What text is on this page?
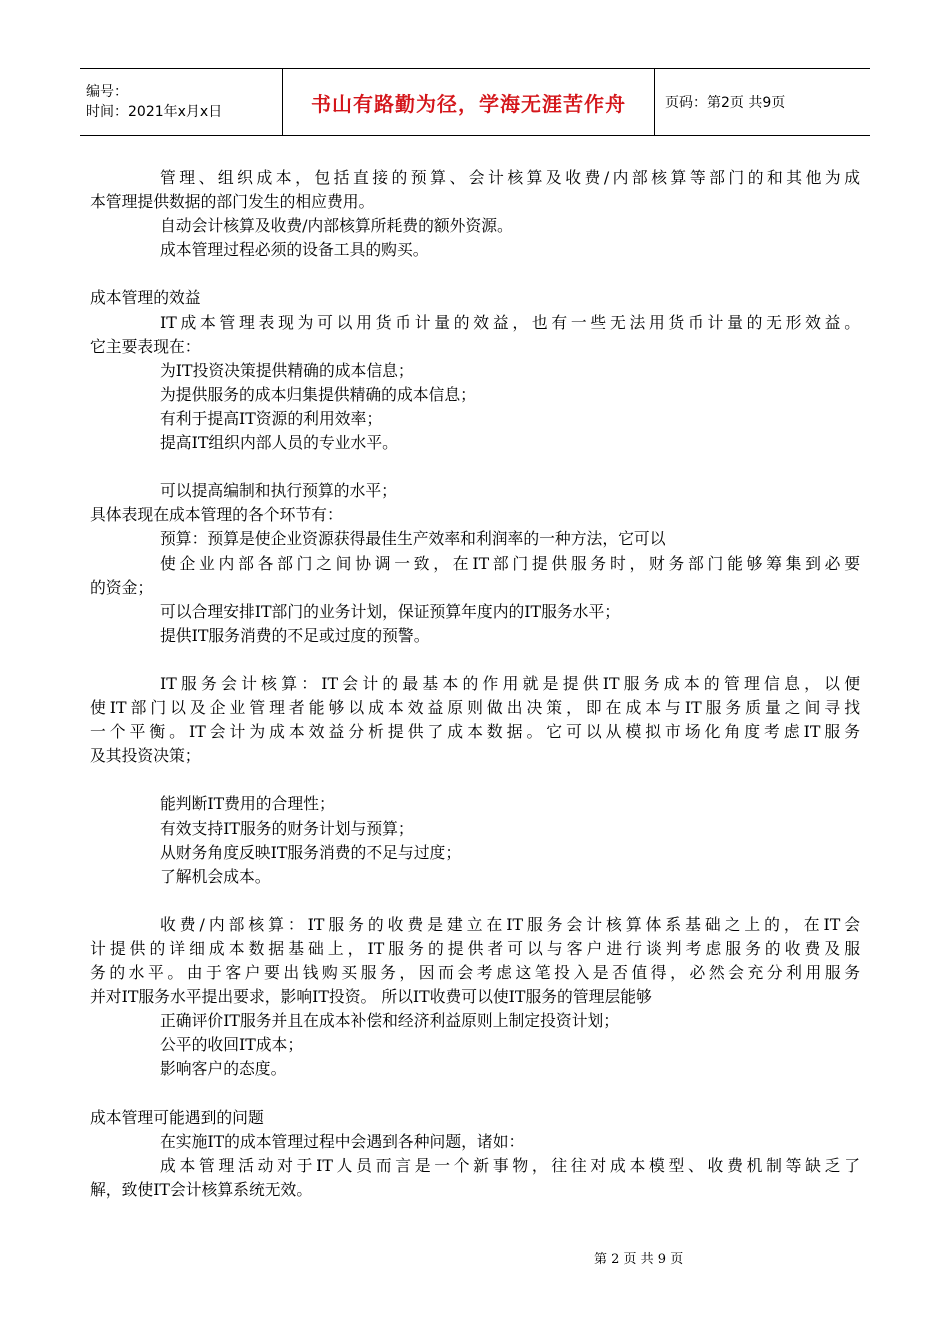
编号：
时间：2021年x月x日	书山有路勤为径，学海无涯苦作舟	页码：第2页 共9页
管理、组织成本，包括直接的预算、会计核算及收费/内部核算等部门的和其他为成
本管理提供数据的部门发生的相应费用。
自动会计核算及收费/内部核算所耗费的额外资源。
成本管理过程必须的设备工具的购买。
成本管理的效益
IT成本管理表现为可以用货币计量的效益，也有一些无法用货币计量的无形效益。
它主要表现在：
为IT投资决策提供精确的成本信息；
为提供服务的成本归集提供精确的成本信息；
有利于提高IT资源的利用效率；
提高IT组织内部人员的专业水平。
可以提高编制和执行预算的水平；
具体表现在成本管理的各个环节有：
预算：预算是使企业资源获得最佳生产效率和利润率的一种方法，它可以
使企业内部各部门之间协调一致，在IT部门提供服务时，财务部门能够筹集到必要
的资金；
可以合理安排IT部门的业务计划，保证预算年度内的IT服务水平；
提供IT服务消费的不足或过度的预警。
IT服务会计核算：IT会计的最基本的作用就是提供IT服务成本的管理信息，以便
使IT部门以及企业管理者能够以成本效益原则做出决策，即在成本与IT服务质量之间寻找
一个平衡。IT会计为成本效益分析提供了成本数据。它可以从模拟市场化角度考虑IT服务
及其投资决策；
能判断IT费用的合理性；
有效支持IT服务的财务计划与预算；
从财务角度反映IT服务消费的不足与过度；
了解机会成本。
收费/内部核算：IT服务的收费是建立在IT服务会计核算体系基础之上的，在IT会
计提供的详细成本数据基础上，IT服务的提供者可以与客户进行谈判考虑服务的收费及服
务的水平。由于客户要出钱购买服务，因而会考虑这笔投入是否值得，必然会充分利用服务
并对IT服务水平提出要求，影响IT投资。 所以IT收费可以使IT服务的管理层能够
正确评价IT服务并且在成本补偿和经济利益原则上制定投资计划；
公平的收回IT成本；
影响客户的态度。
成本管理可能遇到的问题
在实施IT的成本管理过程中会遇到各种问题，诸如：
成本管理活动对于IT人员而言是一个新事物，往往对成本模型、收费机制等缺乏了
解，致使IT会计核算系统无效。
第 2 页 共 9 页
